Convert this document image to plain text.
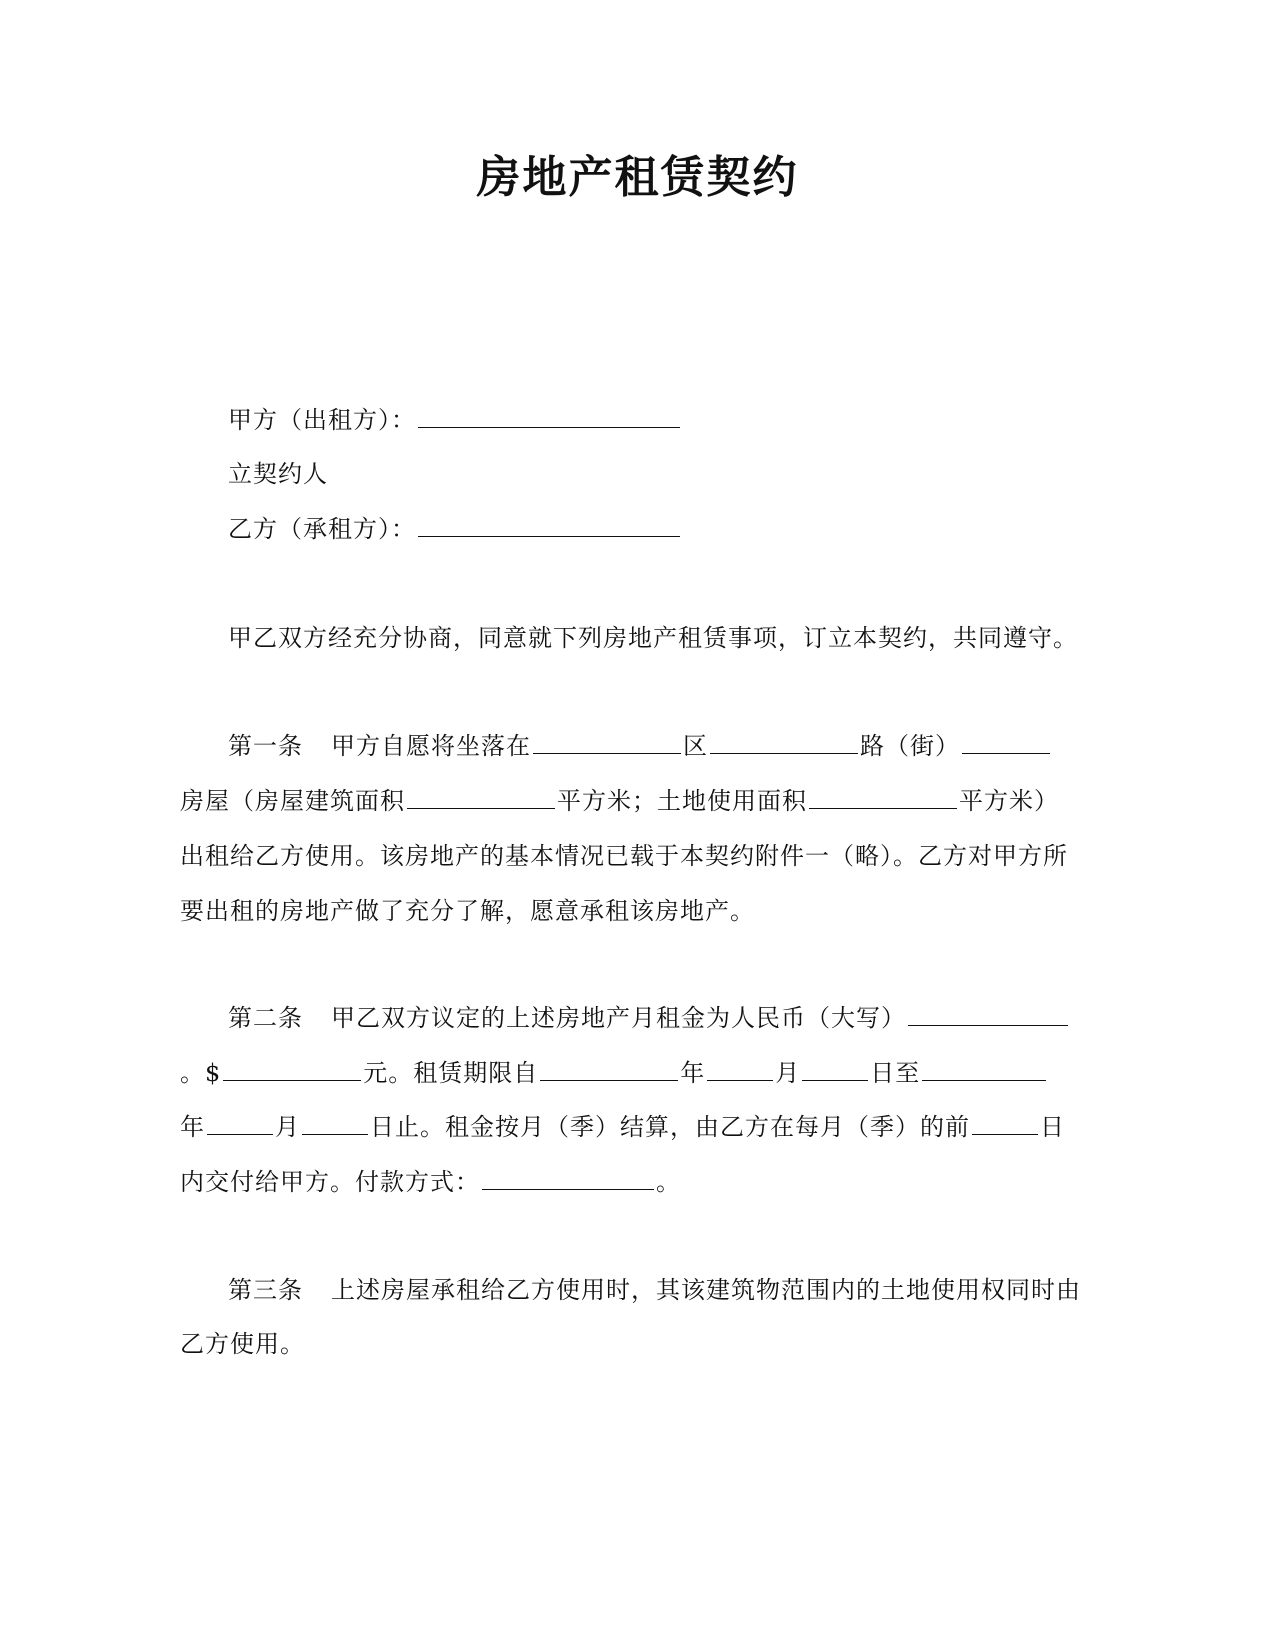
房地产租赁契约
甲方（出租方）：
立契约人
乙方（承租方）：
甲乙双方经充分协商，同意就下列房地产租赁事项，订立本契约，共同遵守。
第一条 甲方自愿将坐落在	区	路（街）
房屋（房屋建筑面积	平方米；土地使用面积	平方米）
出租给乙方使用。该房地产的基本情况已载于本契约附件一（略）。乙方对甲方所
要出租的房地产做了充分了解，愿意承租该房地产。
第二条 甲乙双方议定的上述房地产月租金为人民币（大写）
。$	元。租赁期限自	年	月	日至
年	月	日止。租金按月（季）结算，由乙方在每月（季）的前	日
内交付给甲方。付款方式：	。
第三条 上述房屋承租给乙方使用时，其该建筑物范围内的土地使用权同时由
乙方使用。
